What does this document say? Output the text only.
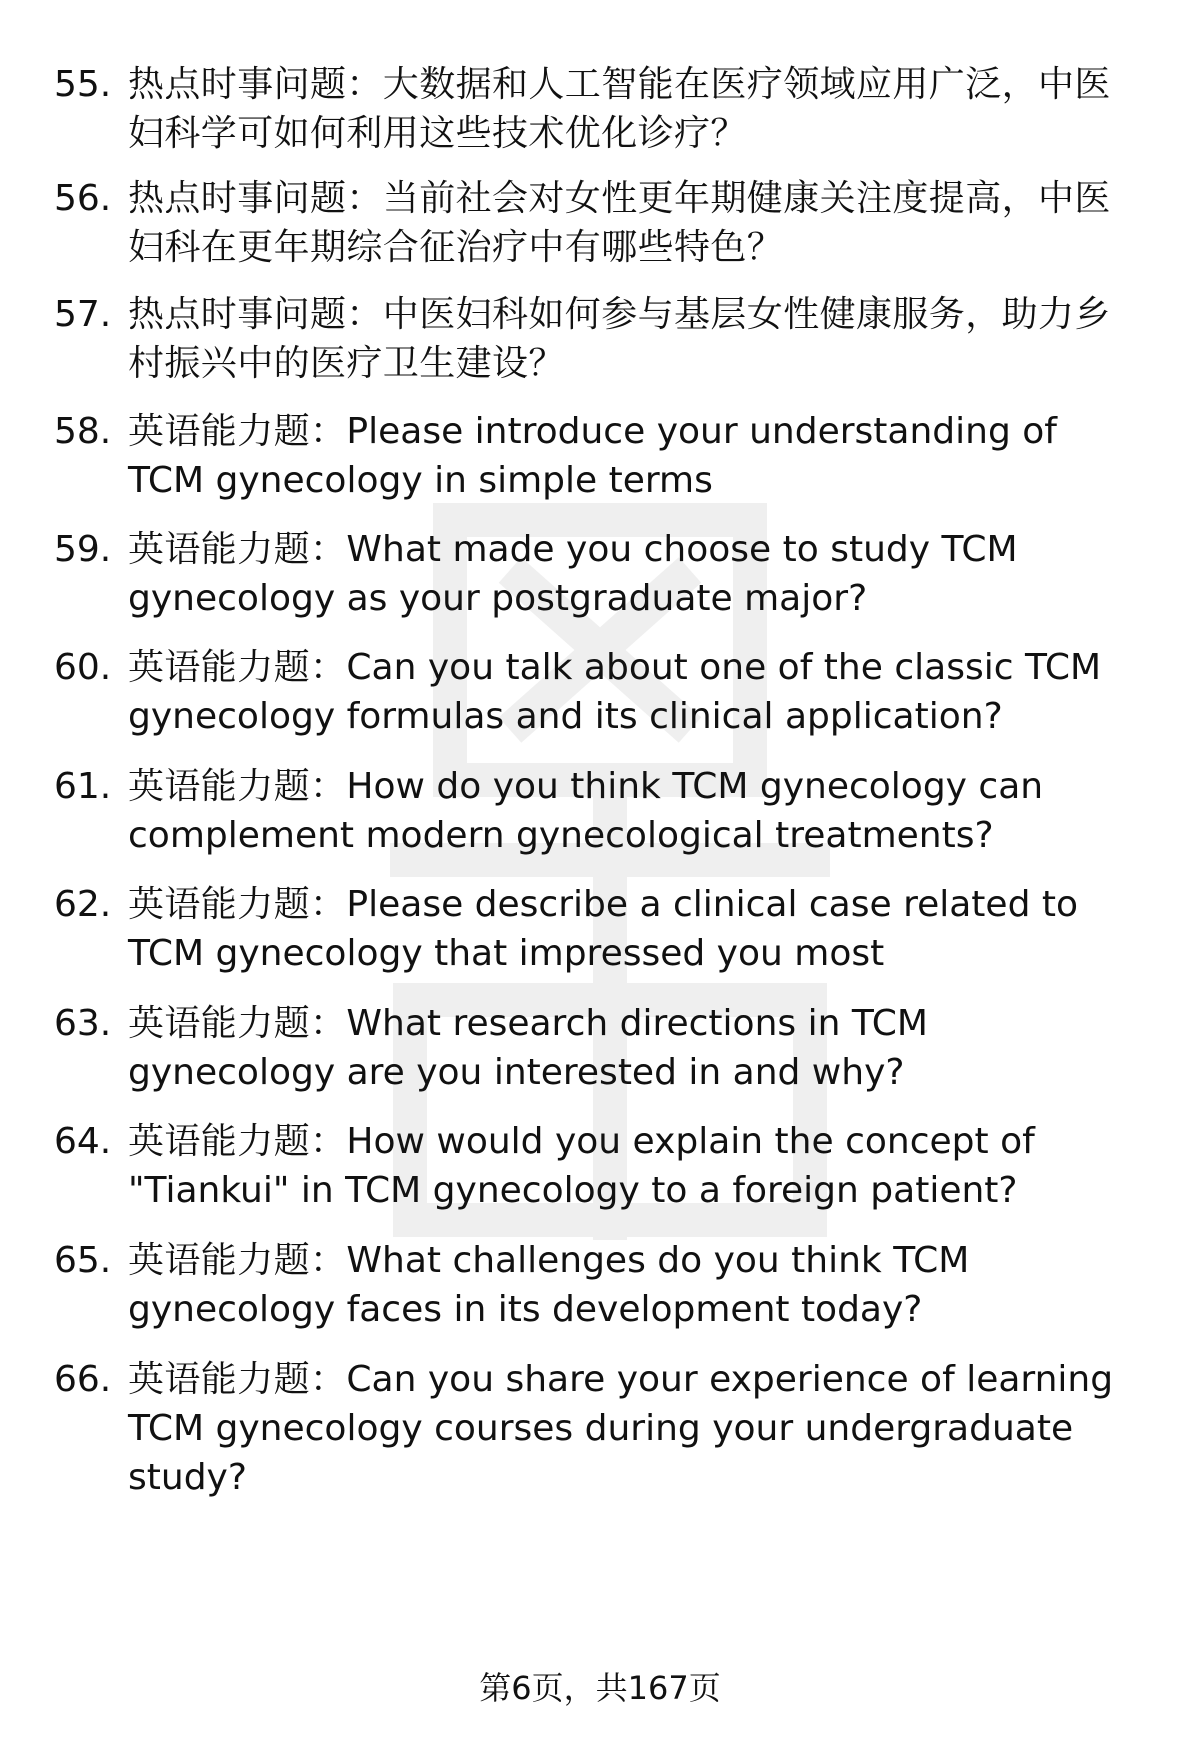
55. 热点时事问题：大数据和人工智能在医疗领域应用广泛，中医妇科学可如何利用这些技术优化诊疗？
56. 热点时事问题：当前社会对女性更年期健康关注度提高，中医妇科在更年期综合征治疗中有哪些特色？
57. 热点时事问题：中医妇科如何参与基层女性健康服务，助力乡村振兴中的医疗卫生建设？
58. 英语能力题：Please introduce your understanding of TCM gynecology in simple terms
59. 英语能力题：What made you choose to study TCM gynecology as your postgraduate major?
60. 英语能力题：Can you talk about one of the classic TCM gynecology formulas and its clinical application?
61. 英语能力题：How do you think TCM gynecology can complement modern gynecological treatments?
62. 英语能力题：Please describe a clinical case related to TCM gynecology that impressed you most
63. 英语能力题：What research directions in TCM gynecology are you interested in and why?
64. 英语能力题：How would you explain the concept of "Tiankui" in TCM gynecology to a foreign patient?
65. 英语能力题：What challenges do you think TCM gynecology faces in its development today?
66. 英语能力题：Can you share your experience of learning TCM gynecology courses during your undergraduate study?
第6页，共167页
